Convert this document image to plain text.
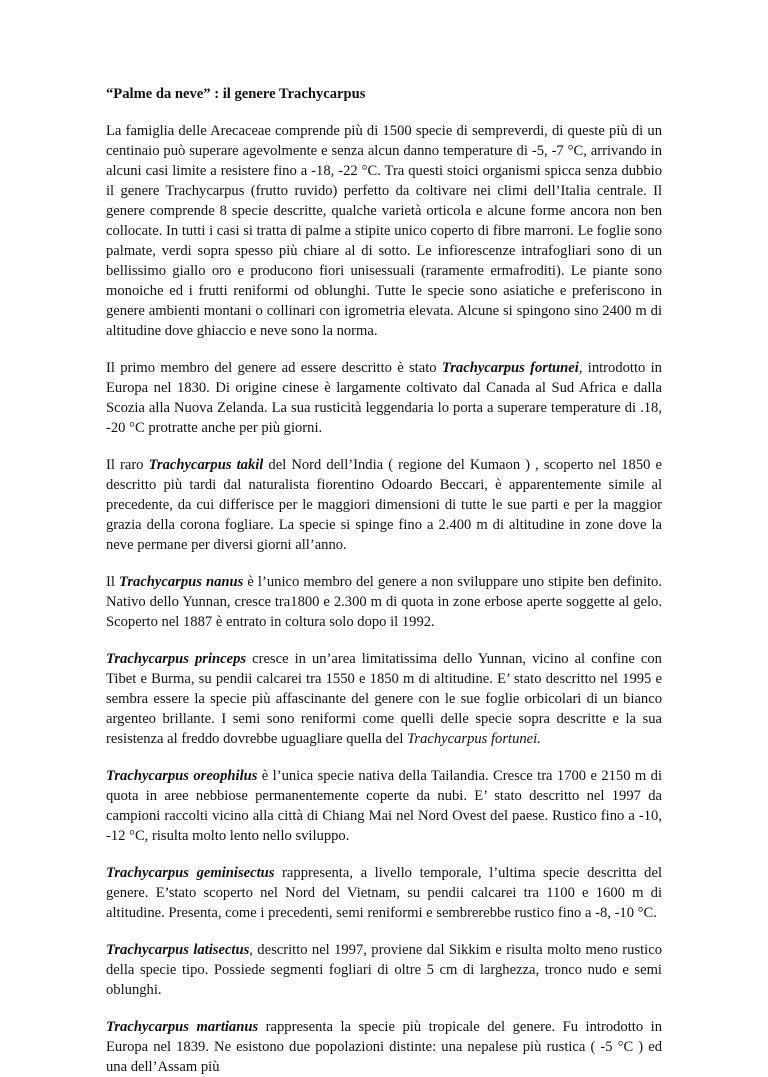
“Palme da neve” : il genere Trachycarpus

La famiglia delle Arecaceae comprende più di 1500 specie di sempreverdi, di queste più di un centinaio può superare agevolmente e senza alcun danno temperature di -5, -7 °C, arrivando in alcuni casi limite a resistere fino a -18, -22 °C. Tra questi stoici organismi spicca senza dubbio il genere Trachycarpus (frutto ruvido) perfetto da coltivare nei climi dell’Italia centrale. Il genere comprende 8 specie descritte, qualche varietà orticola e alcune forme ancora non ben collocate. In tutti i casi si tratta di palme a stipite unico coperto di fibre marroni. Le foglie sono palmate, verdi sopra spesso più chiare al di sotto. Le infiorescenze intrafogliari sono di un bellissimo giallo oro e producono fiori unisessuali (raramente ermafroditi). Le piante sono monoiche ed i frutti reniformi od oblunghi. Tutte le specie sono asiatiche e preferiscono in genere ambienti montani o collinari con igrometria elevata. Alcune si spingono sino 2400 m di altitudine dove ghiaccio e neve sono la norma.

Il primo membro del genere ad essere descritto è stato Trachycarpus fortunei, introdotto in Europa nel 1830. Di origine cinese è largamente coltivato dal Canada al Sud Africa e dalla Scozia alla Nuova Zelanda. La sua rusticità leggendaria lo porta a superare temperature di .18, -20 °C protratte anche per più giorni.

Il raro Trachycarpus takil del Nord dell’India ( regione del Kumaon ) , scoperto nel 1850 e descritto più tardi dal naturalista fiorentino Odoardo Beccari, è apparentemente simile al precedente, da cui differisce per le maggiori dimensioni di tutte le sue parti e per la maggior grazia della corona fogliare. La specie si spinge fino a 2.400 m di altitudine in zone dove la neve permane per diversi giorni all’anno.

Il Trachycarpus nanus è l’unico membro del genere a non sviluppare uno stipite ben definito. Nativo dello Yunnan, cresce tra1800 e 2.300 m di quota in zone erbose aperte soggette al gelo. Scoperto nel 1887 è entrato in coltura solo dopo il 1992.

Trachycarpus princeps cresce in un’area limitatissima dello Yunnan, vicino al confine con Tibet e Burma, su pendii calcarei tra 1550 e 1850 m di altitudine. E’ stato descritto nel 1995 e sembra essere la specie più affascinante del genere con le sue foglie orbicolari di un bianco argenteo brillante. I semi sono reniformi come quelli delle specie sopra descritte e la sua resistenza al freddo dovrebbe uguagliare quella del Trachycarpus fortunei.

Trachycarpus oreophilus è l’unica specie nativa della Tailandia. Cresce tra 1700 e 2150 m di quota in aree nebbiose permanentemente coperte da nubi. E’ stato descritto nel 1997 da campioni raccolti vicino alla città di Chiang Mai nel Nord Ovest del paese. Rustico fino a -10, -12 °C, risulta molto lento nello sviluppo.

Trachycarpus geminisectus rappresenta, a livello temporale, l’ultima specie descritta del genere. E’stato scoperto nel Nord del Vietnam, su pendii calcarei tra 1100 e 1600 m di altitudine. Presenta, come i precedenti, semi reniformi e sembrerebbe rustico fino a -8, -10 °C.

Trachycarpus latisectus, descritto nel 1997, proviene dal Sikkim e risulta molto meno rustico della specie tipo. Possiede segmenti fogliari di oltre 5 cm di larghezza, tronco nudo e semi oblunghi.

Trachycarpus martianus rappresenta la specie più tropicale del genere. Fu introdotto in Europa nel 1839. Ne esistono due popolazioni distinte: una nepalese più rustica ( -5 °C ) ed una dell’Assam più
